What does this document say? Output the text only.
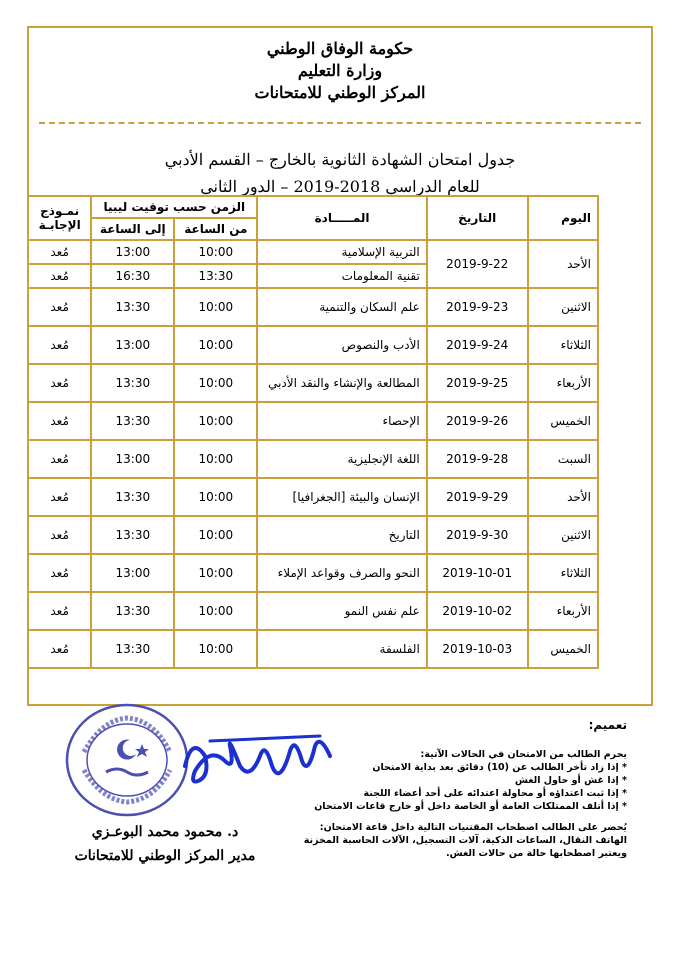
حكومة الوفاق الوطني
وزارة التعليم
المركز الوطني للامتحانات
جدول امتحان الشهادة الثانوية بالخارج – القسم الأدبي
للعام الدراسي 2018-2019 – الدور الثاني
اليوم	التاريخ	المـــــادة	الزمن حسب توقيت ليبيا		نمـوذج الإجابـة
			من الساعة	إلى الساعة	
الأحد	2019-9-22	التربية الإسلامية	10:00	13:00	مُعد
		تقنية المعلومات	13:30	16:30	مُعد
الاثنين	2019-9-23	علم السكان والتنمية	10:00	13:30	مُعد
الثلاثاء	2019-9-24	الأدب والنصوص	10:00	13:00	مُعد
الأربعاء	2019-9-25	المطالعة والإنشاء والنقد الأدبي	10:00	13:30	مُعد
الخميس	2019-9-26	الإحصاء	10:00	13:30	مُعد
السبت	2019-9-28	اللغة الإنجليزية	10:00	13:00	مُعد
الأحد	2019-9-29	الإنسان والبيئة [الجغرافيا]	10:00	13:30	مُعد
الاثنين	2019-9-30	التاريخ	10:00	13:30	مُعد
الثلاثاء	2019-10-01	النحو والصرف وقواعد الإملاء	10:00	13:00	مُعد
الأربعاء	2019-10-02	علم نفس النمو	10:00	13:30	مُعد
الخميس	2019-10-03	الفلسفة	10:00	13:30	مُعد
د. محمود محمد البوعـزي
مدير المركز الوطني للامتحانات
تعميم:
يحرم الطالب من الامتحان في الحالات الآتية:
* إذا زاد تأخر الطالب عن (10) دقائق بعد بداية الامتحان
* إذا غش أو حاول الغش
* إذا ثبت اعتداؤه أو محاولة اعتدائه على أحد أعضاء اللجنة
* إذا أتلف الممتلكات العامة أو الخاصة داخل أو خارج قاعات الامتحان
يُحضر على الطالب اصطحاب المقتنيات التالية داخل قاعة الامتحان:
الهاتف النقال، الساعات الذكية، آلات التسجيل، الآلات الحاسبة المخزنة
ويعتبر اصطحابها حالة من حالات الغش.
